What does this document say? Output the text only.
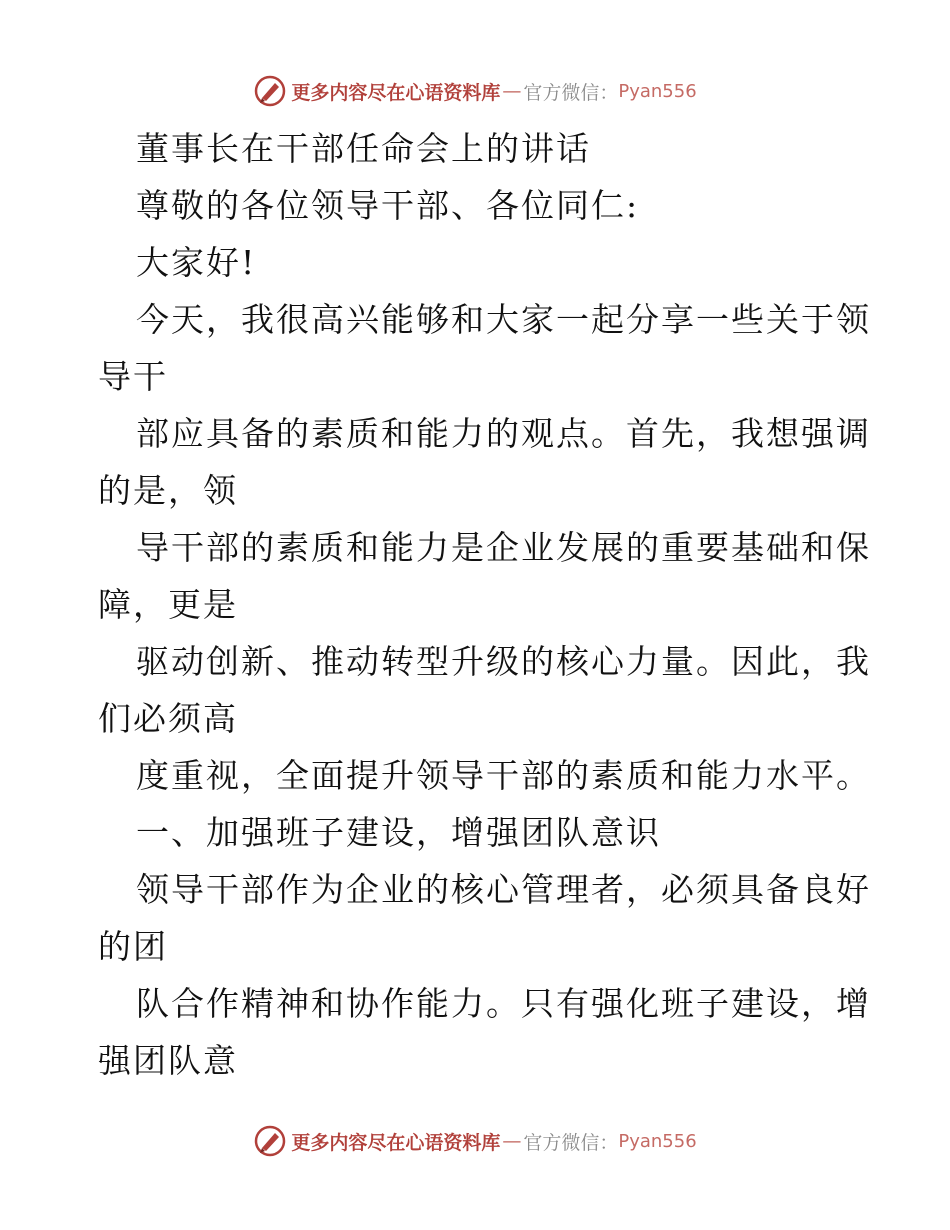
更多内容尽在心语资料库 — 官方微信： Pyan556
董事长在干部任命会上的讲话
尊敬的各位领导干部、各位同仁:
大家好!
今天，我很高兴能够和大家一起分享一些关于领
导干
部应具备的素质和能力的观点。首先，我想强调
的是，领
导干部的素质和能力是企业发展的重要基础和保
障，更是
驱动创新、推动转型升级的核心力量。因此，我
们必须高
度重视，全面提升领导干部的素质和能力水平。
一、加强班子建设，增强团队意识
领导干部作为企业的核心管理者，必须具备良好
的团
队合作精神和协作能力。只有强化班子建设，增
强团队意
更多内容尽在心语资料库 — 官方微信： Pyan556
